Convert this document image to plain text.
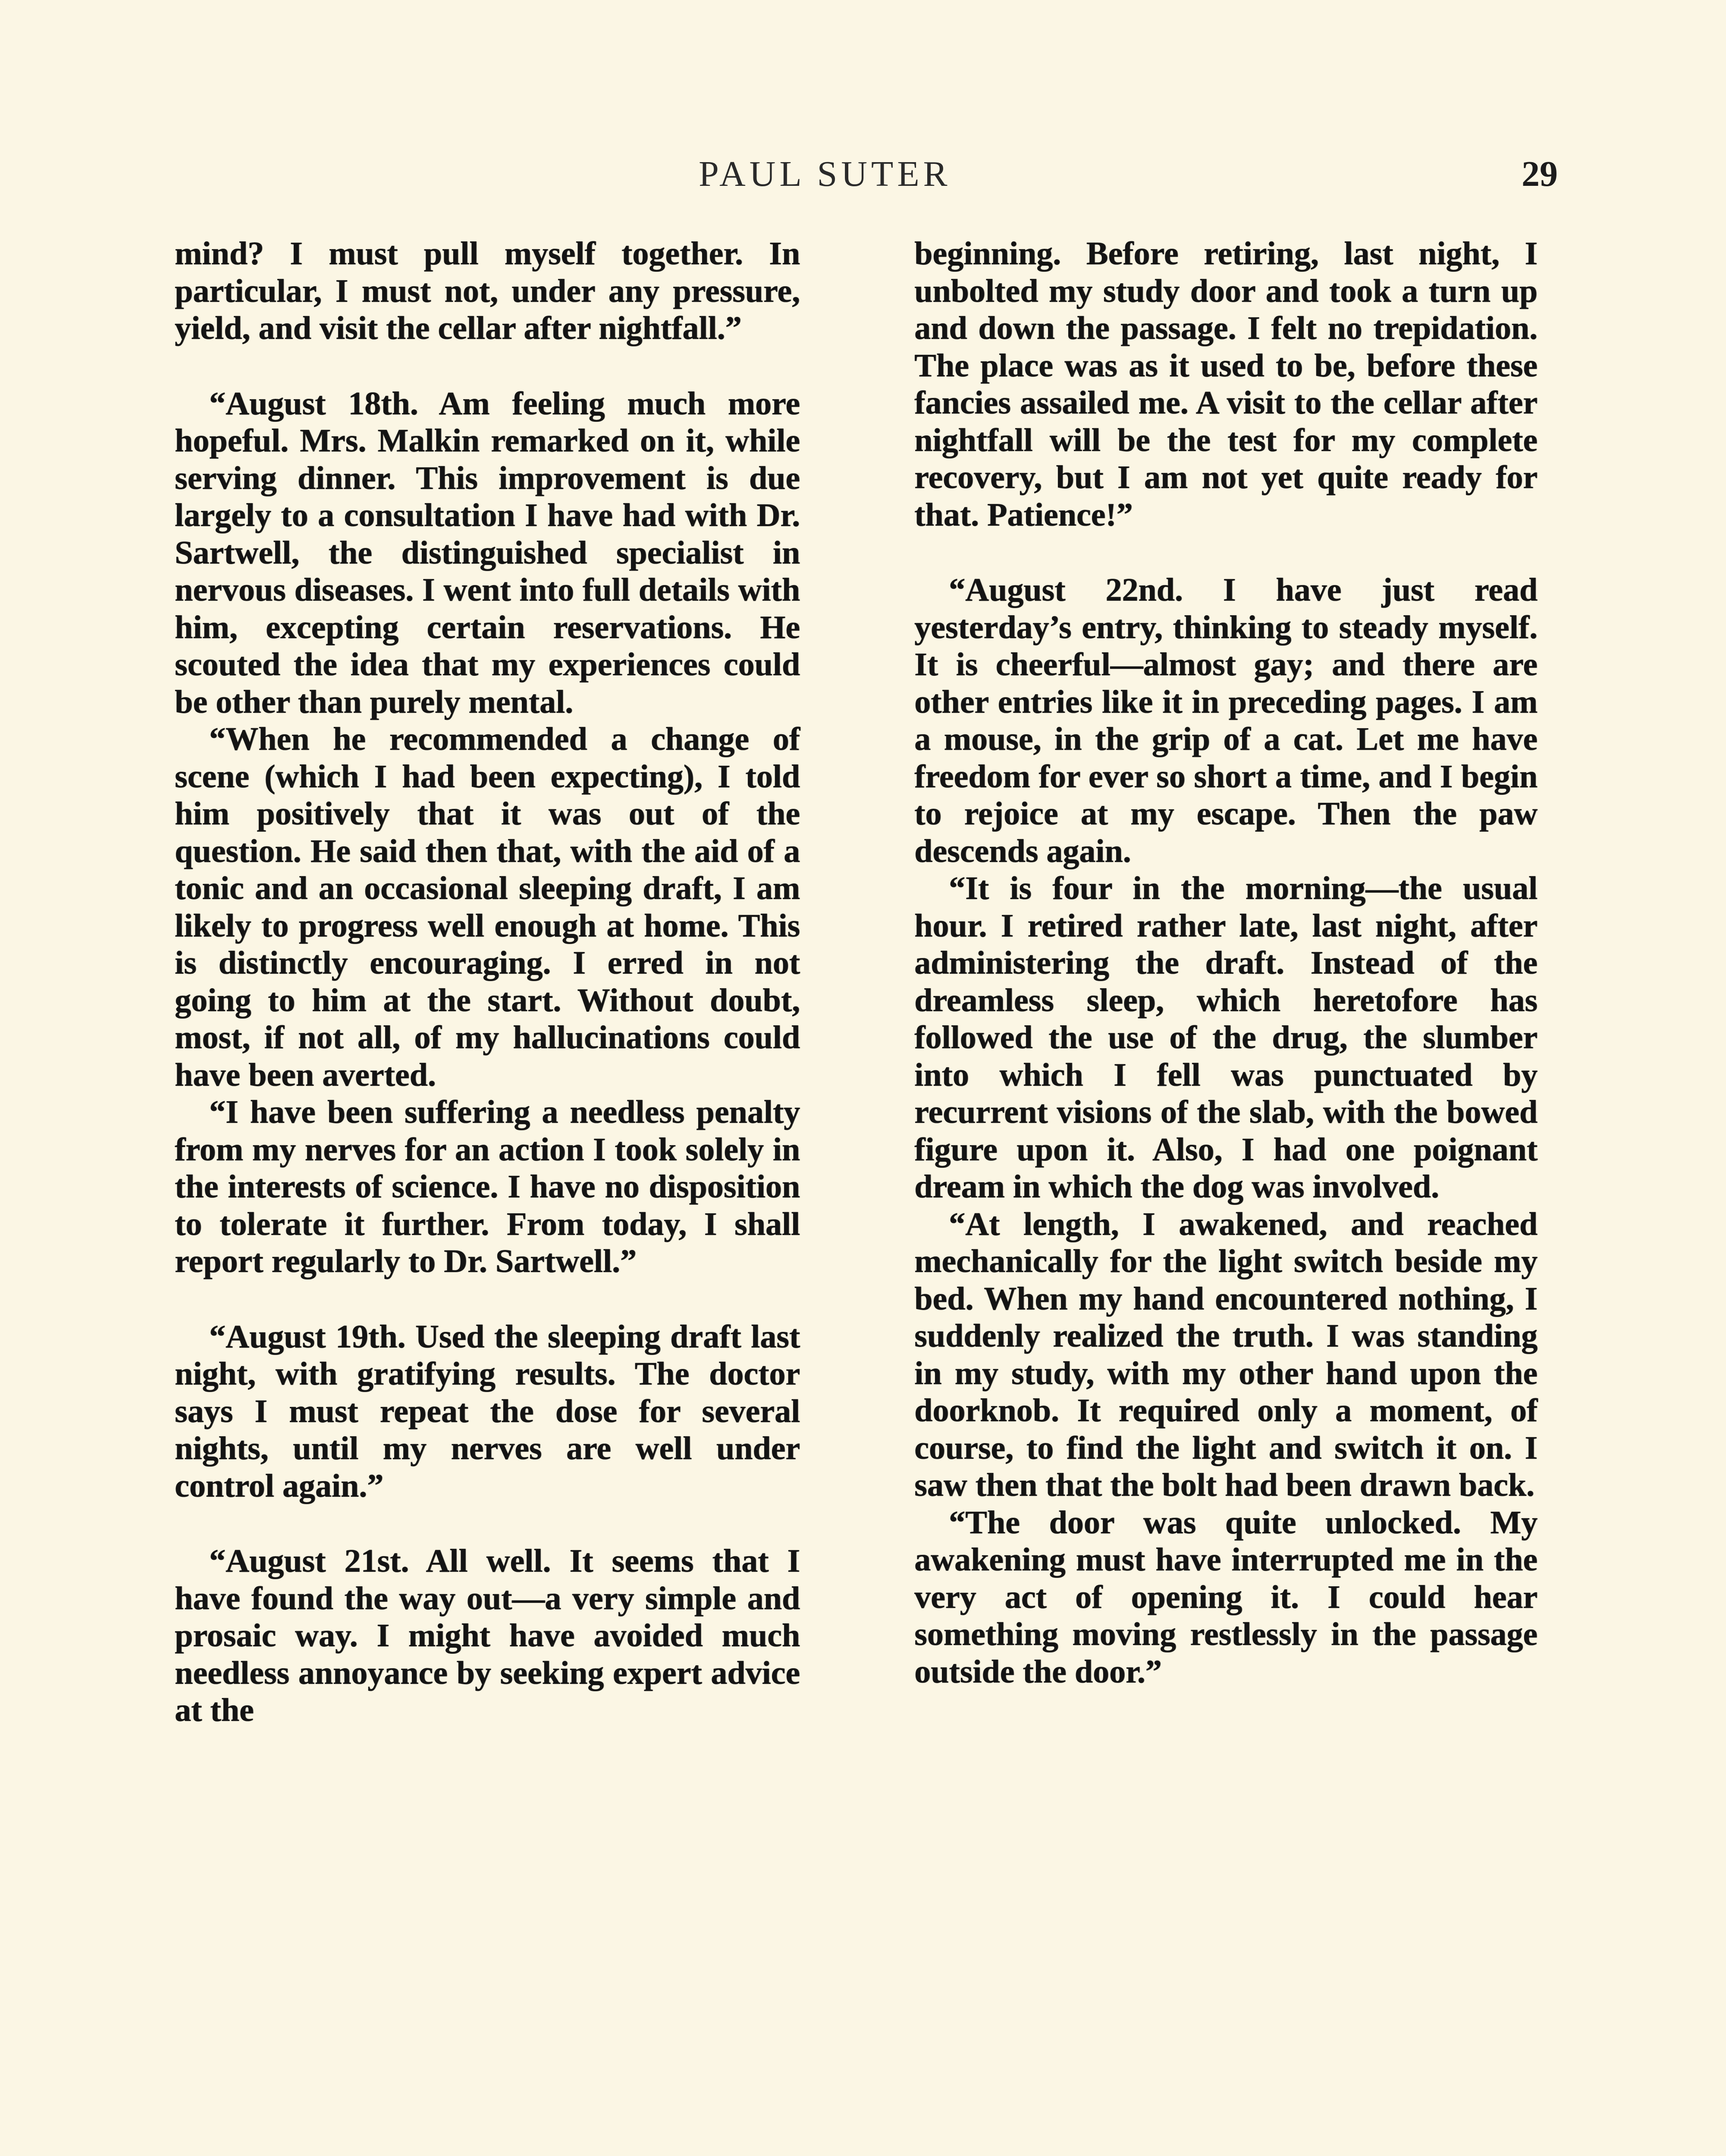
PAUL SUTER	29

mind? I must pull myself together. In particular, I must not, under any pressure, yield, and visit the cellar after nightfall.”

“August 18th. Am feeling much more hopeful. Mrs. Malkin remarked on it, while serving dinner. This improvement is due largely to a consultation I have had with Dr. Sartwell, the distinguished specialist in nervous diseases. I went into full details with him, excepting certain reservations. He scouted the idea that my experiences could be other than purely mental.

“When he recommended a change of scene (which I had been expecting), I told him positively that it was out of the question. He said then that, with the aid of a tonic and an occasional sleeping draft, I am likely to progress well enough at home. This is distinctly encouraging. I erred in not going to him at the start. Without doubt, most, if not all, of my hallucinations could have been averted.

“I have been suffering a needless penalty from my nerves for an action I took solely in the interests of science. I have no disposition to tolerate it further. From today, I shall report regularly to Dr. Sartwell.”

“August 19th. Used the sleeping draft last night, with gratifying results. The doctor says I must repeat the dose for several nights, until my nerves are well under control again.”

“August 21st. All well. It seems that I have found the way out—a very simple and prosaic way. I might have avoided much needless annoyance by seeking expert advice at the

beginning. Before retiring, last night, I unbolted my study door and took a turn up and down the passage. I felt no trepidation. The place was as it used to be, before these fancies assailed me. A visit to the cellar after nightfall will be the test for my complete recovery, but I am not yet quite ready for that. Patience!”

“August 22nd. I have just read yesterday’s entry, thinking to steady myself. It is cheerful—almost gay; and there are other entries like it in preceding pages. I am a mouse, in the grip of a cat. Let me have freedom for ever so short a time, and I begin to rejoice at my escape. Then the paw descends again.

“It is four in the morning—the usual hour. I retired rather late, last night, after administering the draft. Instead of the dreamless sleep, which heretofore has followed the use of the drug, the slumber into which I fell was punctuated by recurrent visions of the slab, with the bowed figure upon it. Also, I had one poignant dream in which the dog was involved.

“At length, I awakened, and reached mechanically for the light switch beside my bed. When my hand encountered nothing, I suddenly realized the truth. I was standing in my study, with my other hand upon the doorknob. It required only a moment, of course, to find the light and switch it on. I saw then that the bolt had been drawn back.

“The door was quite unlocked. My awakening must have interrupted me in the very act of opening it. I could hear something moving restlessly in the passage outside the door.”
